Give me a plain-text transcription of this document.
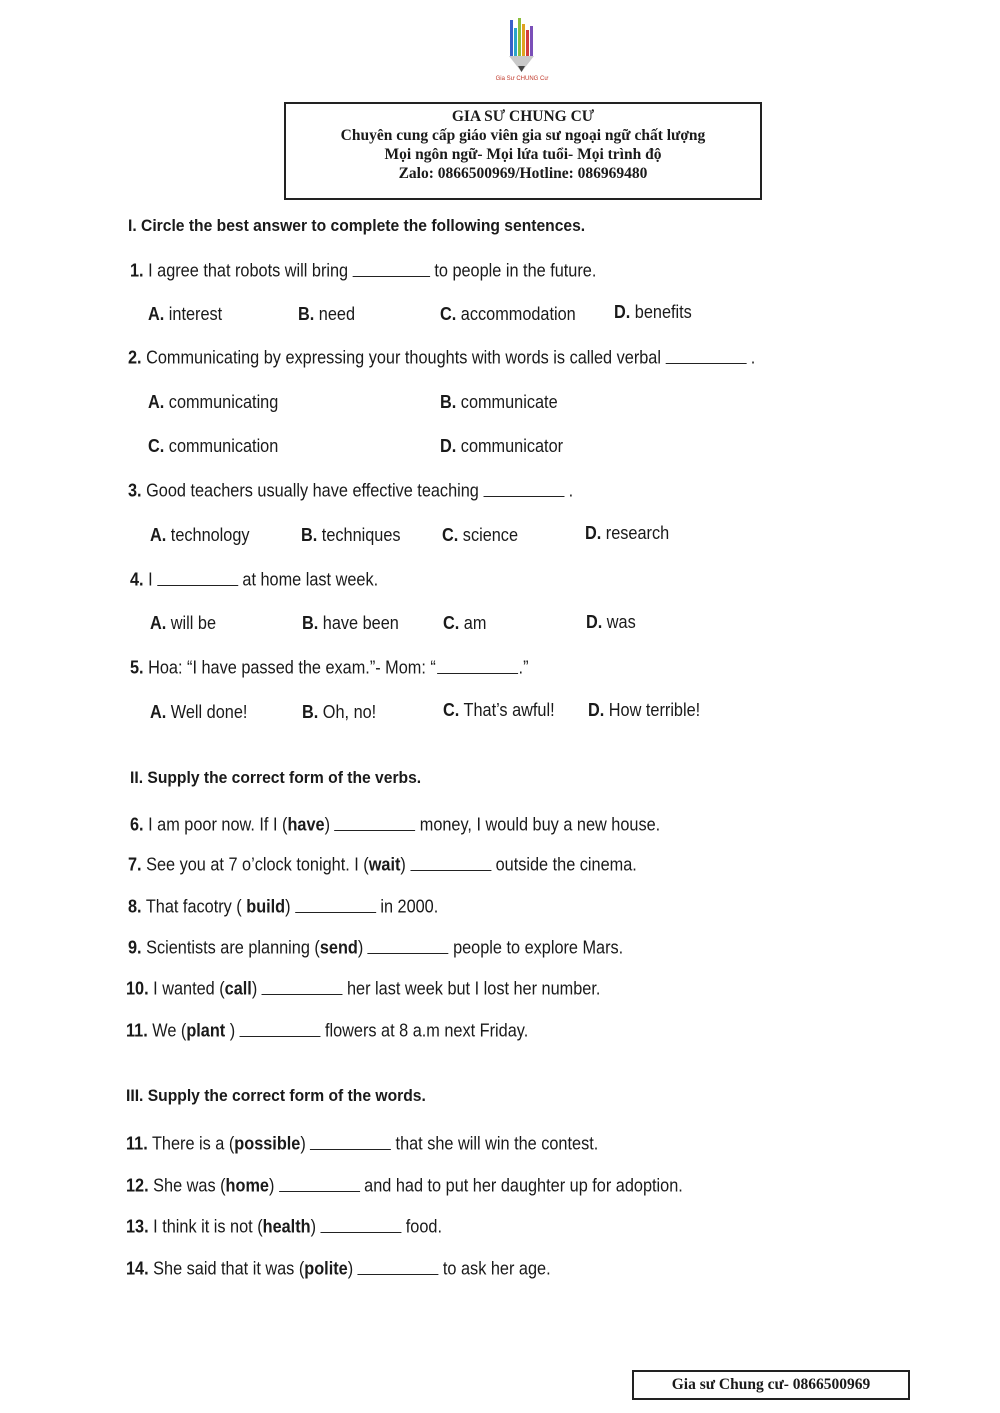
Gia Sư CHUNG Cư
GIA SƯ CHUNG CƯ
Chuyên cung cấp giáo viên gia sư ngoại ngữ chất lượng
Mọi ngôn ngữ- Mọi lứa tuổi- Mọi trình độ
Zalo: 0866500969/Hotline: 086969480
I. Circle the best answer to complete the following sentences.
1. I agree that robots will bring	to people in the future.
A. interest	B. need	C. accommodation D. benefits
2. Communicating by expressing your thoughts with words is called verbal	.
A. communicating	B. communicate
C. communication	D. communicator
3. Good teachers usually have effective teaching	.
A. technology	B. techniques C. science	D. research
4. I	at home last week.
A. will be	B. have been C. am	D. was
5. Hoa: “I have passed the exam.”- Mom: “	.”
A. Well done!	B. Oh, no!	C. That’s awful! D. How terrible!
II. Supply the correct form of the verbs.
6. I am poor now. If I (have)	money, I would buy a new house.
7. See you at 7 o’clock tonight. I (wait)	outside the cinema.
8. That facotry ( build)	in 2000.
9. Scientists are planning (send)	people to explore Mars.
10. I wanted (call)	her last week but I lost her number.
11. We (plant )	flowers at 8 a.m next Friday.
III. Supply the correct form of the words.
11. There is a (possible)	that she will win the contest.
12. She was (home)	and had to put her daughter up for adoption.
13. I think it is not (health)	food.
14. She said that it was (polite)	to ask her age.
Gia sư Chung cư- 0866500969
